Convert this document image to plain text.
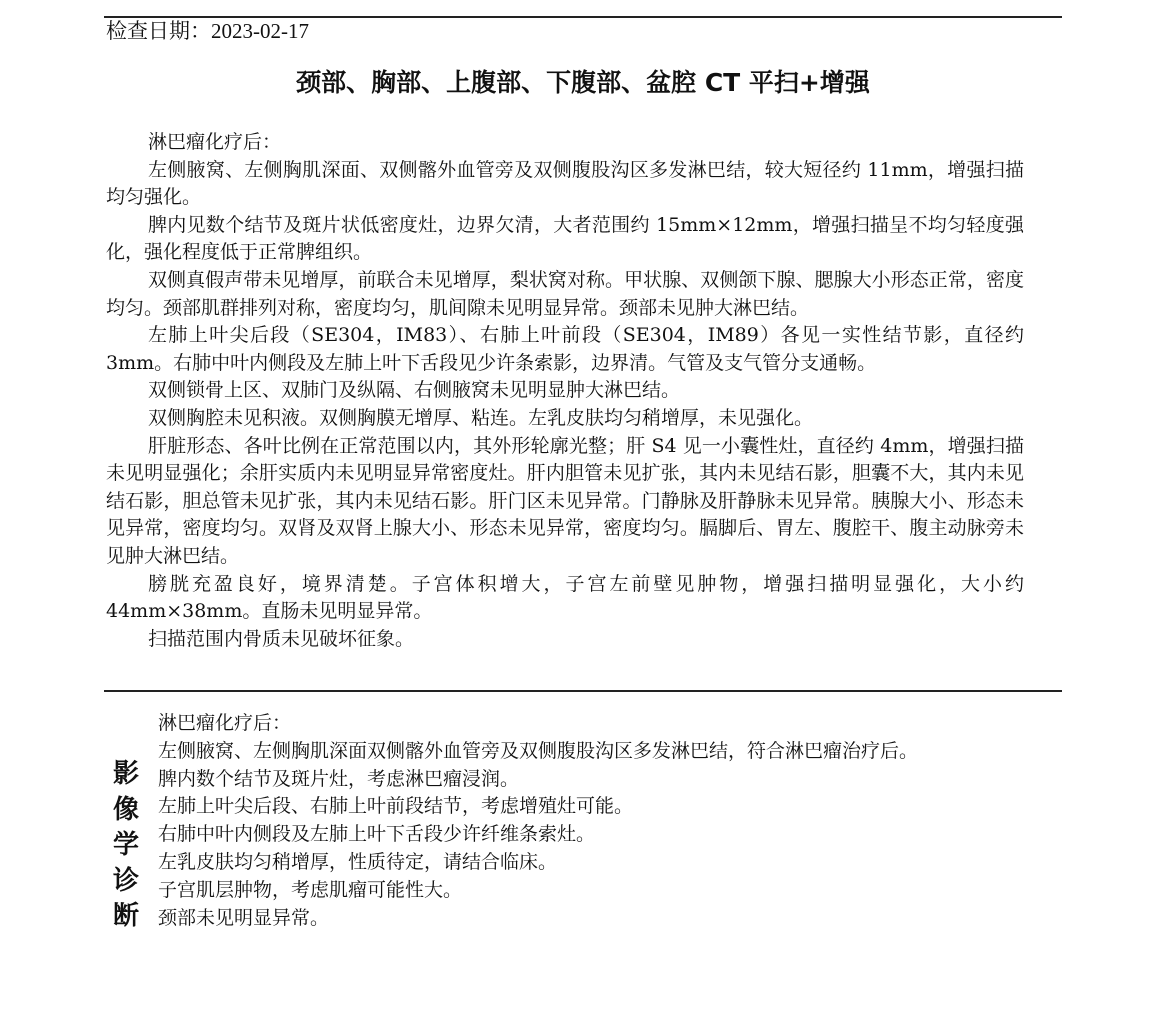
检查日期：2023-02-17
颈部、胸部、上腹部、下腹部、盆腔 CT 平扫+增强

淋巴瘤化疗后：

左侧腋窝、左侧胸肌深面、双侧髂外血管旁及双侧腹股沟区多发淋巴结，较大短径约 11mm，增强扫描均匀强化。

脾内见数个结节及斑片状低密度灶，边界欠清，大者范围约 15mm×12mm，增强扫描呈不均匀轻度强化，强化程度低于正常脾组织。

双侧真假声带未见增厚，前联合未见增厚，梨状窝对称。甲状腺、双侧颌下腺、腮腺大小形态正常，密度均匀。颈部肌群排列对称，密度均匀，肌间隙未见明显异常。颈部未见肿大淋巴结。

左肺上叶尖后段（SE304，IM83）、右肺上叶前段（SE304，IM89）各见一实性结节影，直径约 3mm。右肺中叶内侧段及左肺上叶下舌段见少许条索影，边界清。气管及支气管分支通畅。

双侧锁骨上区、双肺门及纵隔、右侧腋窝未见明显肿大淋巴结。

双侧胸腔未见积液。双侧胸膜无增厚、粘连。左乳皮肤均匀稍增厚，未见强化。

肝脏形态、各叶比例在正常范围以内，其外形轮廓光整；肝 S4 见一小囊性灶，直径约 4mm，增强扫描未见明显强化；余肝实质内未见明显异常密度灶。肝内胆管未见扩张，其内未见结石影，胆囊不大，其内未见结石影，胆总管未见扩张，其内未见结石影。肝门区未见异常。门静脉及肝静脉未见异常。胰腺大小、形态未见异常，密度均匀。双肾及双肾上腺大小、形态未见异常，密度均匀。膈脚后、胃左、腹腔干、腹主动脉旁未见肿大淋巴结。

膀胱充盈良好，境界清楚。子宫体积增大，子宫左前壁见肿物，增强扫描明显强化，大小约 44mm×38mm。直肠未见明显异常。

扫描范围内骨质未见破坏征象。

影
像
学
诊
断

淋巴瘤化疗后：

左侧腋窝、左侧胸肌深面双侧髂外血管旁及双侧腹股沟区多发淋巴结，符合淋巴瘤治疗后。

脾内数个结节及斑片灶，考虑淋巴瘤浸润。

左肺上叶尖后段、右肺上叶前段结节，考虑增殖灶可能。

右肺中叶内侧段及左肺上叶下舌段少许纤维条索灶。

左乳皮肤均匀稍增厚，性质待定，请结合临床。

子宫肌层肿物，考虑肌瘤可能性大。

颈部未见明显异常。
